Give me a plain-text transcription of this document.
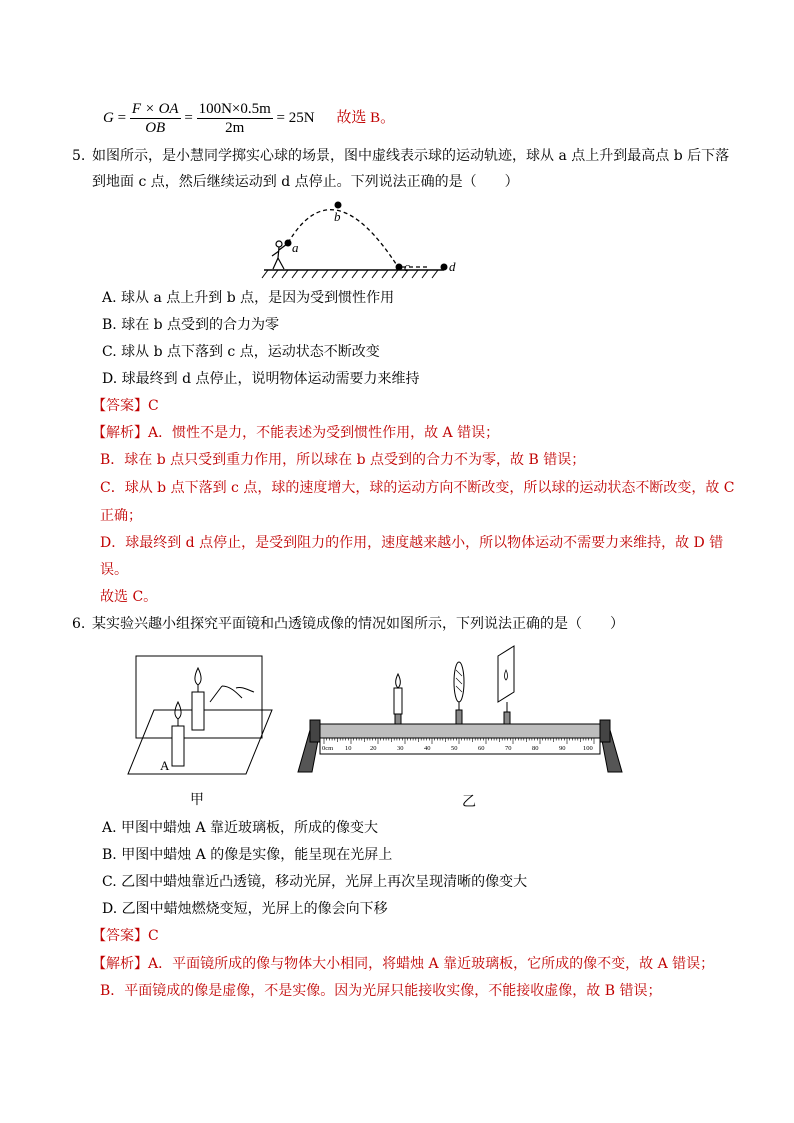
$G = \frac{F \times OA}{OB} = \frac{100N\times 0.5m}{2m} = 25N$ 故选 B。
5. 如图所示，是小慧同学掷实心球的场景，图中虚线表示球的运动轨迹，球从 a 点上升到最高点 b 后下落
到地面 c 点，然后继续运动到 d 点停止。下列说法正确的是（　　）
a
b
c	d
A. 球从 a 点上升到 b 点，是因为受到惯性作用
B. 球在 b 点受到的合力为零
C. 球从 b 点下落到 c 点，运动状态不断改变
D. 球最终到 d 点停止，说明物体运动需要力来维持
【答案】C
【解析】A．惯性不是力，不能表述为受到惯性作用，故 A 错误；
B．球在 b 点只受到重力作用，所以球在 b 点受到的合力不为零，故 B 错误；
C．球从 b 点下落到 c 点，球的速度增大，球的运动方向不断改变，所以球的运动状态不断改变，故 C
正确；
D．球最终到 d 点停止，是受到阻力的作用，速度越来越小，所以物体运动不需要力来维持，故 D 错
误。
故选 C。
6. 某实验兴趣小组探究平面镜和凸透镜成像的情况如图所示，下列说法正确的是（　　）
A
甲
0cm 10	20	30	40	50	60	70	80	90	100
乙
A. 甲图中蜡烛 A 靠近玻璃板，所成的像变大
B. 甲图中蜡烛 A 的像是实像，能呈现在光屏上
C. 乙图中蜡烛靠近凸透镜，移动光屏，光屏上再次呈现清晰的像变大
D. 乙图中蜡烛燃烧变短，光屏上的像会向下移
【答案】C
【解析】A．平面镜所成的像与物体大小相同，将蜡烛 A 靠近玻璃板，它所成的像不变，故 A 错误；
B．平面镜成的像是虚像，不是实像。因为光屏只能接收实像，不能接收虚像，故 B 错误；
